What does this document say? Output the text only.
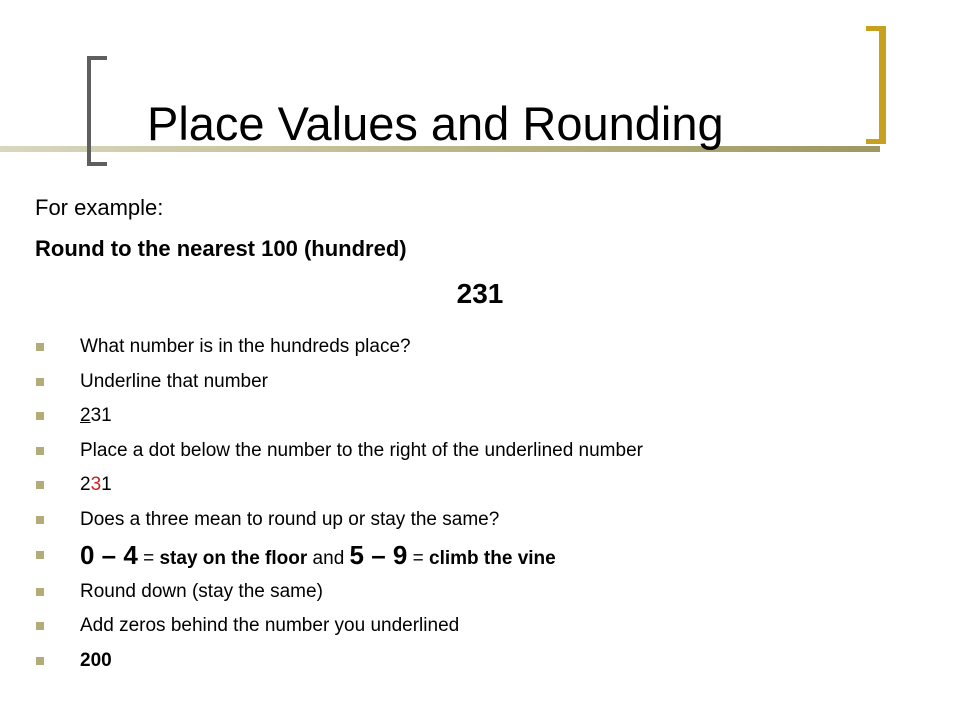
Place Values and Rounding
For example:
Round to the nearest 100 (hundred)
231
What number is in the hundreds place?
Underline that number
231
Place a dot below the number to the right of the underlined number
231
Does a three mean to round up or stay the same?
0 – 4 = stay on the floor and 5 – 9 = climb the vine
Round down (stay the same)
Add zeros behind the number you underlined
200
